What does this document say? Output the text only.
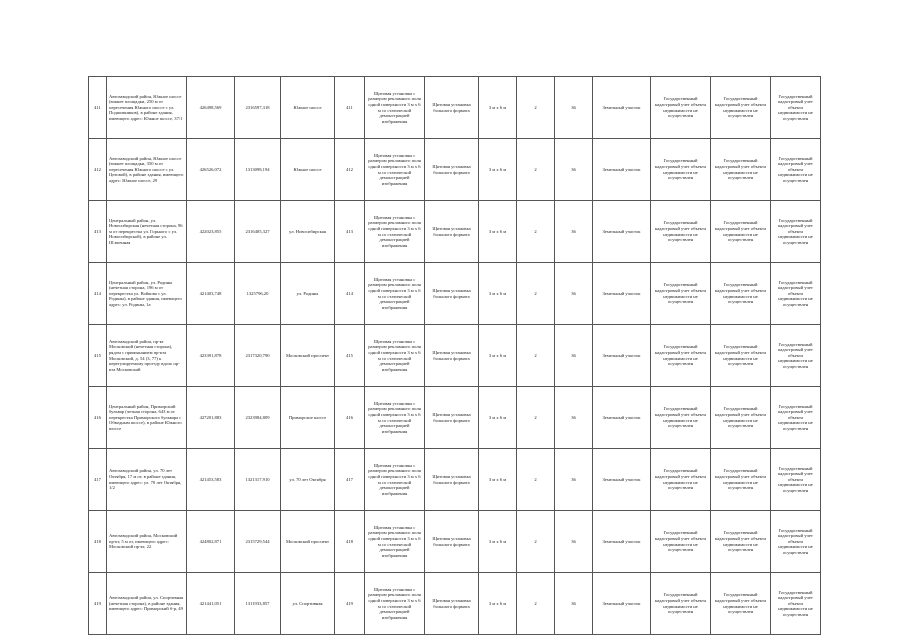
411	Автозаводский район, Южное шоссе (южнее площадки, 250 м от пересечения Южного шоссе с ул. Подшипников), в районе здания, имеющего адрес: Южное шоссе, 37/1	426498,569	2316597,318	Южное шоссе	411	Щитовая установка с размером рекламного поля одной поверхности 3 м x 6 м со статической демонстрацией изображения	Щитовая установка большого формата	3 м x 6 м	2	36	Земельный участок	Государственный кадастровый учет объекта недвижимости не осуществлен	Государственный кадастровый учет объекта недвижимости не осуществлен	Государственный кадастровый учет объекта недвижимости не осуществлен
412	Автозаводский район, Южное шоссе (южнее площадки, 350 м от пересечения Южного шоссе с ул. Цеховой), в районе здания, имеющего адрес: Южное шоссе, 29	426526,072	1313098,194	Южное шоссе	412	Щитовая установка с размером рекламного поля одной поверхности 3 м x 6 м со статической демонстрацией изображения	Щитовая установка большого формата	3 м x 6 м	2	36	Земельный участок	Государственный кадастровый учет объекта недвижимости не осуществлен	Государственный кадастровый учет объекта недвижимости не осуществлен	Государственный кадастровый учет объекта недвижимости не осуществлен
413	Центральный район, ул. Новосибирская (нечетная сторона, 96 м от перекрестка ул. Горького с ул. Новосибирской), в районе ул. Ш.военная	422023,855	2316405,327	ул. Новосибирская	413	Щитовая установка с размером рекламного поля одной поверхности 3 м x 6 м со статической демонстрацией изображения	Щитовая установка большого формата	3 м x 6 м	2	36	Земельный участок	Государственный кадастровый учет объекта недвижимости не осуществлен	Государственный кадастровый учет объекта недвижимости не осуществлен	Государственный кадастровый учет объекта недвижимости не осуществлен
414	Центральный район, ул. Родины (нечетная сторона, 196 м от перекрестка ул. Войкова с ул. Родины), в районе здания, имеющего адрес: ул. Родины, 1а	421403,748	1325796,20	ул. Родины	414	Щитовая установка с размером рекламного поля одной поверхности 3 м x 6 м со статической демонстрацией изображения	Щитовая установка большого формата	3 м x 6 м	2	36	Земельный участок	Государственный кадастровый учет объекта недвижимости не осуществлен	Государственный кадастровый учет объекта недвижимости не осуществлен	Государственный кадастровый учет объекта недвижимости не осуществлен
415	Автозаводский район, пр-кт Московский (нечетная сторона), рядом с примыканием пр-кта Московский, д. 54 (3, 77) к нерегулируемому проезду вдоль пр-кта Московский	423391,878	2317320,790	Московский проспект	415	Щитовая установка с размером рекламного поля одной поверхности 3 м x 6 м со статической демонстрацией изображения	Щитовая установка большого формата	3 м x 6 м	2	36	Земельный участок	Государственный кадастровый учет объекта недвижимости не осуществлен	Государственный кадастровый учет объекта недвижимости не осуществлен	Государственный кадастровый учет объекта недвижимости не осуществлен
416	Центральный район, Приморский бульвар (четная сторона, 643 м от перекрестка Приморского бульвара с Обводным шоссе), в районе Южного шоссе	427201,883	2323984,809	Приморское шоссе	416	Щитовая установка с размером рекламного поля одной поверхности 3 м x 6 м со статической демонстрацией изображения	Щитовая установка большого формата	3 м x 6 м	2	36	Земельный участок	Государственный кадастровый учет объекта недвижимости не осуществлен	Государственный кадастровый учет объекта недвижимости не осуществлен	Государственный кадастровый учет объекта недвижимости не осуществлен
417	Автозаводский район, ул. 70 лет Октября, 17 м от, в районе здания, имеющего адрес: ул. 70 лет Октября, 1/2	421453,583	1321317,910	ул. 70 лет Октября	417	Щитовая установка с размером рекламного поля одной поверхности 3 м x 6 м со статической демонстрацией изображения	Щитовая установка большого формата	3 м x 6 м	2	36	Земельный участок	Государственный кадастровый учет объекта недвижимости не осуществлен	Государственный кадастровый учет объекта недвижимости не осуществлен	Государственный кадастровый учет объекта недвижимости не осуществлен
418	Автозаводский район, Московский пр-кт, 5 м от, имеющего адрес: Московский пр-кт, 22	424802,871	2315729,544	Московский проспект	418	Щитовая установка с размером рекламного поля одной поверхности 3 м x 6 м со статической демонстрацией изображения	Щитовая установка большого формата	3 м x 6 м	2	36	Земельный участок	Государственный кадастровый учет объекта недвижимости не осуществлен	Государственный кадастровый учет объекта недвижимости не осуществлен	Государственный кадастровый учет объекта недвижимости не осуществлен
419	Автозаводский район, ул. Спортивная (нечетная сторона), в районе здания, имеющего адрес: Приморский б-р, 49	421441,051	1311933,857	ул. Спортивная	419	Щитовая установка с размером рекламного поля одной поверхности 3 м x 6 м со статической демонстрацией изображения	Щитовая установка большого формата	3 м x 6 м	2	36	Земельный участок	Государственный кадастровый учет объекта недвижимости не осуществлен	Государственный кадастровый учет объекта недвижимости не осуществлен	Государственный кадастровый учет объекта недвижимости не осуществлен
